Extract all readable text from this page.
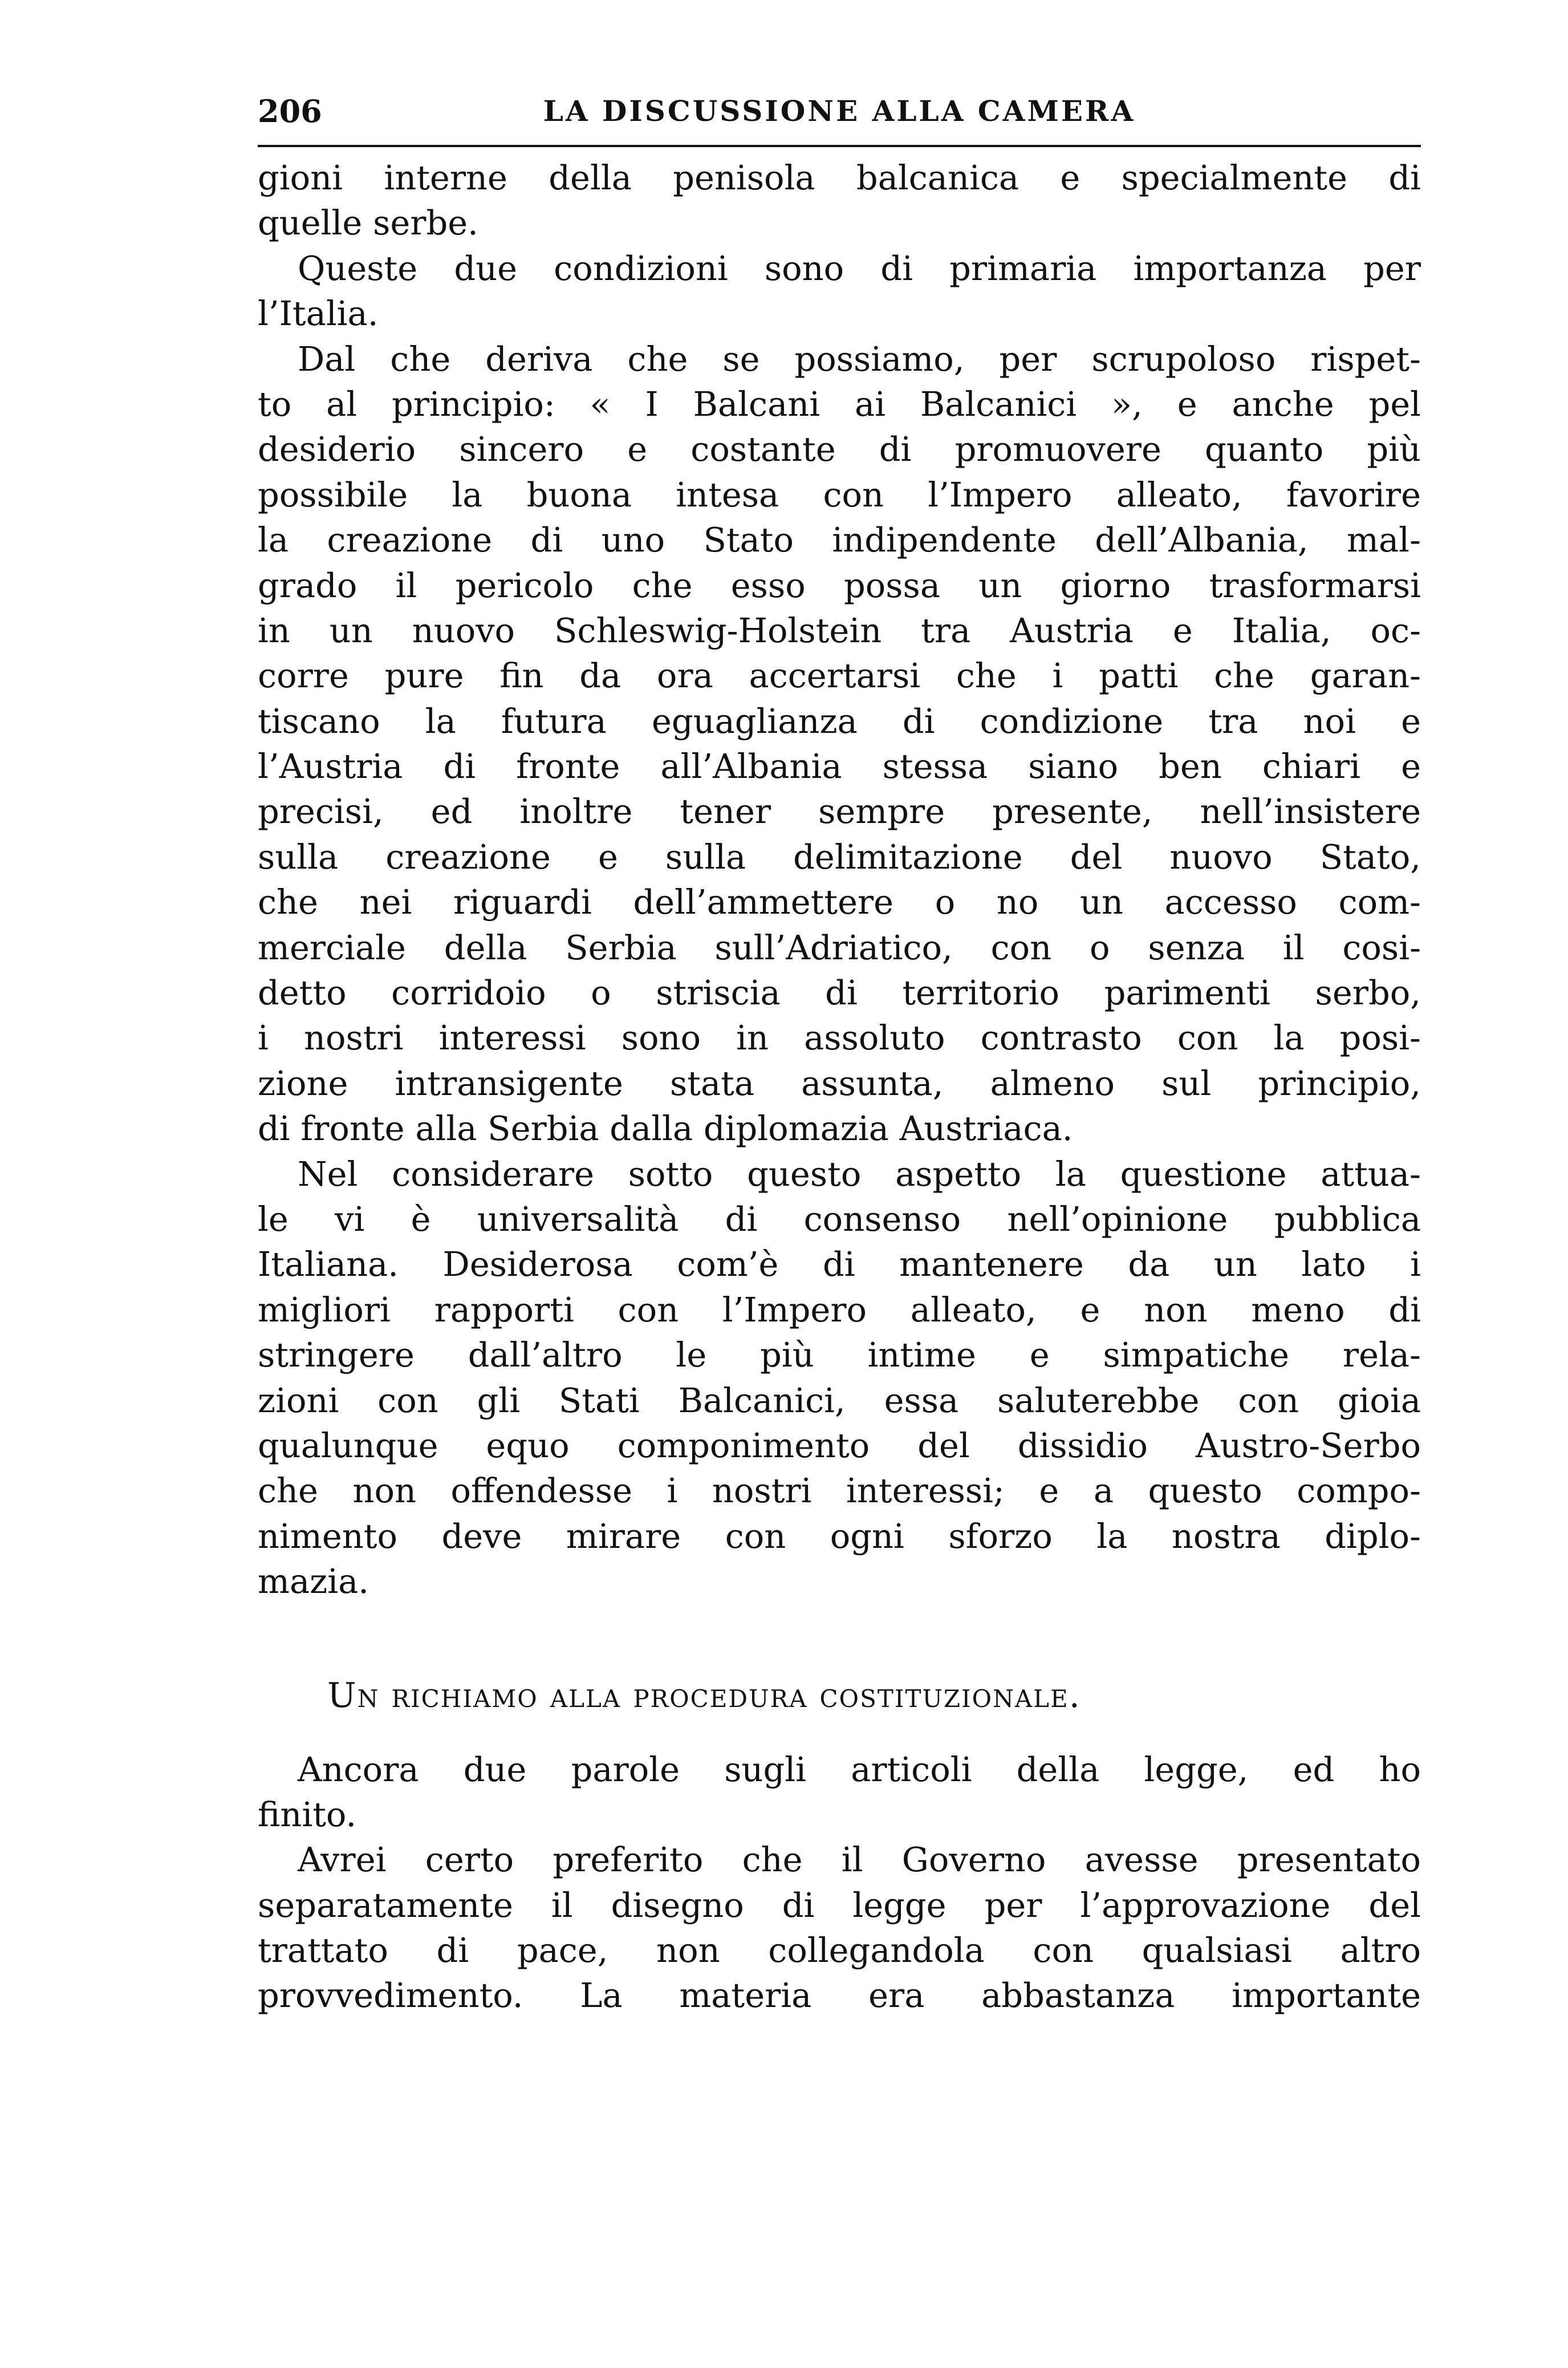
206	LA DISCUSSIONE ALLA CAMERA
gioni interne della penisola balcanica e specialmente di
quelle serbe.
Queste due condizioni sono di primaria importanza per
l’Italia.
Dal che deriva che se possiamo, per scrupoloso rispet-
to al principio: « I Balcani ai Balcanici », e anche pel
desiderio sincero e costante di promuovere quanto più
possibile la buona intesa con l’Impero alleato, favorire
la creazione di uno Stato indipendente dell’Albania, mal-
grado il pericolo che esso possa un giorno trasformarsi
in un nuovo Schleswig-Holstein tra Austria e Italia, oc-
corre pure fin da ora accertarsi che i patti che garan-
tiscano la futura eguaglianza di condizione tra noi e
l’Austria di fronte all’Albania stessa siano ben chiari e
precisi, ed inoltre tener sempre presente, nell’insistere
sulla creazione e sulla delimitazione del nuovo Stato,
che nei riguardi dell’ammettere o no un accesso com-
merciale della Serbia sull’Adriatico, con o senza il cosi-
detto corridoio o striscia di territorio parimenti serbo,
i nostri interessi sono in assoluto contrasto con la posi-
zione intransigente stata assunta, almeno sul principio,
di fronte alla Serbia dalla diplomazia Austriaca.
Nel considerare sotto questo aspetto la questione attua-
le vi è universalità di consenso nell’opinione pubblica
Italiana. Desiderosa com’è di mantenere da un lato i
migliori rapporti con l’Impero alleato, e non meno di
stringere dall’altro le più intime e simpatiche rela-
zioni con gli Stati Balcanici, essa saluterebbe con gioia
qualunque equo componimento del dissidio Austro-Serbo
che non offendesse i nostri interessi; e a questo compo-
nimento deve mirare con ogni sforzo la nostra diplo-
mazia.
Un richiamo alla procedura costituzionale.
Ancora due parole sugli articoli della legge, ed ho
finito.
Avrei certo preferito che il Governo avesse presentato
separatamente il disegno di legge per l’approvazione del
trattato di pace, non collegandola con qualsiasi altro
provvedimento. La materia era abbastanza importante
